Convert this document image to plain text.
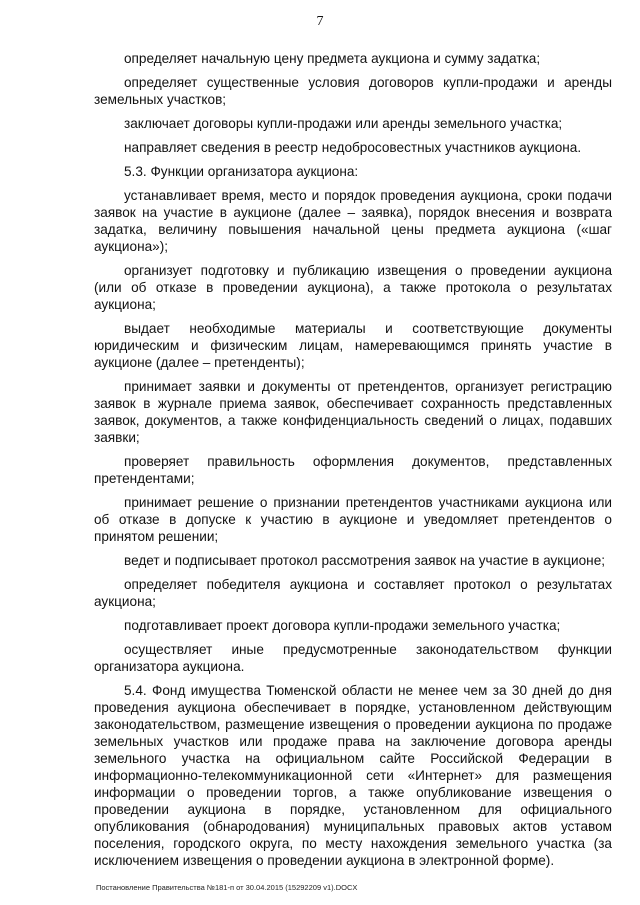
7

определяет начальную цену предмета аукциона и сумму задатка;

определяет существенные условия договоров купли-продажи и аренды земельных участков;

заключает договоры купли-продажи или аренды земельного участка;

направляет сведения в реестр недобросовестных участников аукциона.

5.3. Функции организатора аукциона:

устанавливает время, место и порядок проведения аукциона, сроки подачи заявок на участие в аукционе (далее – заявка), порядок внесения и возврата задатка, величину повышения начальной цены предмета аукциона («шаг аукциона»);

организует подготовку и публикацию извещения о проведении аукциона (или об отказе в проведении аукциона), а также протокола о результатах аукциона;

выдает необходимые материалы и соответствующие документы юридическим и физическим лицам, намеревающимся принять участие в аукционе (далее – претенденты);

принимает заявки и документы от претендентов, организует регистрацию заявок в журнале приема заявок, обеспечивает сохранность представленных заявок, документов, а также конфиденциальность сведений о лицах, подавших заявки;

проверяет правильность оформления документов, представленных претендентами;

принимает решение о признании претендентов участниками аукциона или об отказе в допуске к участию в аукционе и уведомляет претендентов о принятом решении;

ведет и подписывает протокол рассмотрения заявок на участие в аукционе;

определяет победителя аукциона и составляет протокол о результатах аукциона;

подготавливает проект договора купли-продажи земельного участка;

осуществляет иные предусмотренные законодательством функции организатора аукциона.

5.4. Фонд имущества Тюменской области не менее чем за 30 дней до дня проведения аукциона обеспечивает в порядке, установленном действующим законодательством, размещение извещения о проведении аукциона по продаже земельных участков или продаже права на заключение договора аренды земельного участка на официальном сайте Российской Федерации в информационно-телекоммуникационной сети «Интернет» для размещения информации о проведении торгов, а также опубликование извещения о проведении аукциона в порядке, установленном для официального опубликования (обнародования) муниципальных правовых актов уставом поселения, городского округа, по месту нахождения земельного участка (за исключением извещения о проведении аукциона в электронной форме).

Постановление Правительства №181-п от 30.04.2015 (15292209 v1).DOCX
